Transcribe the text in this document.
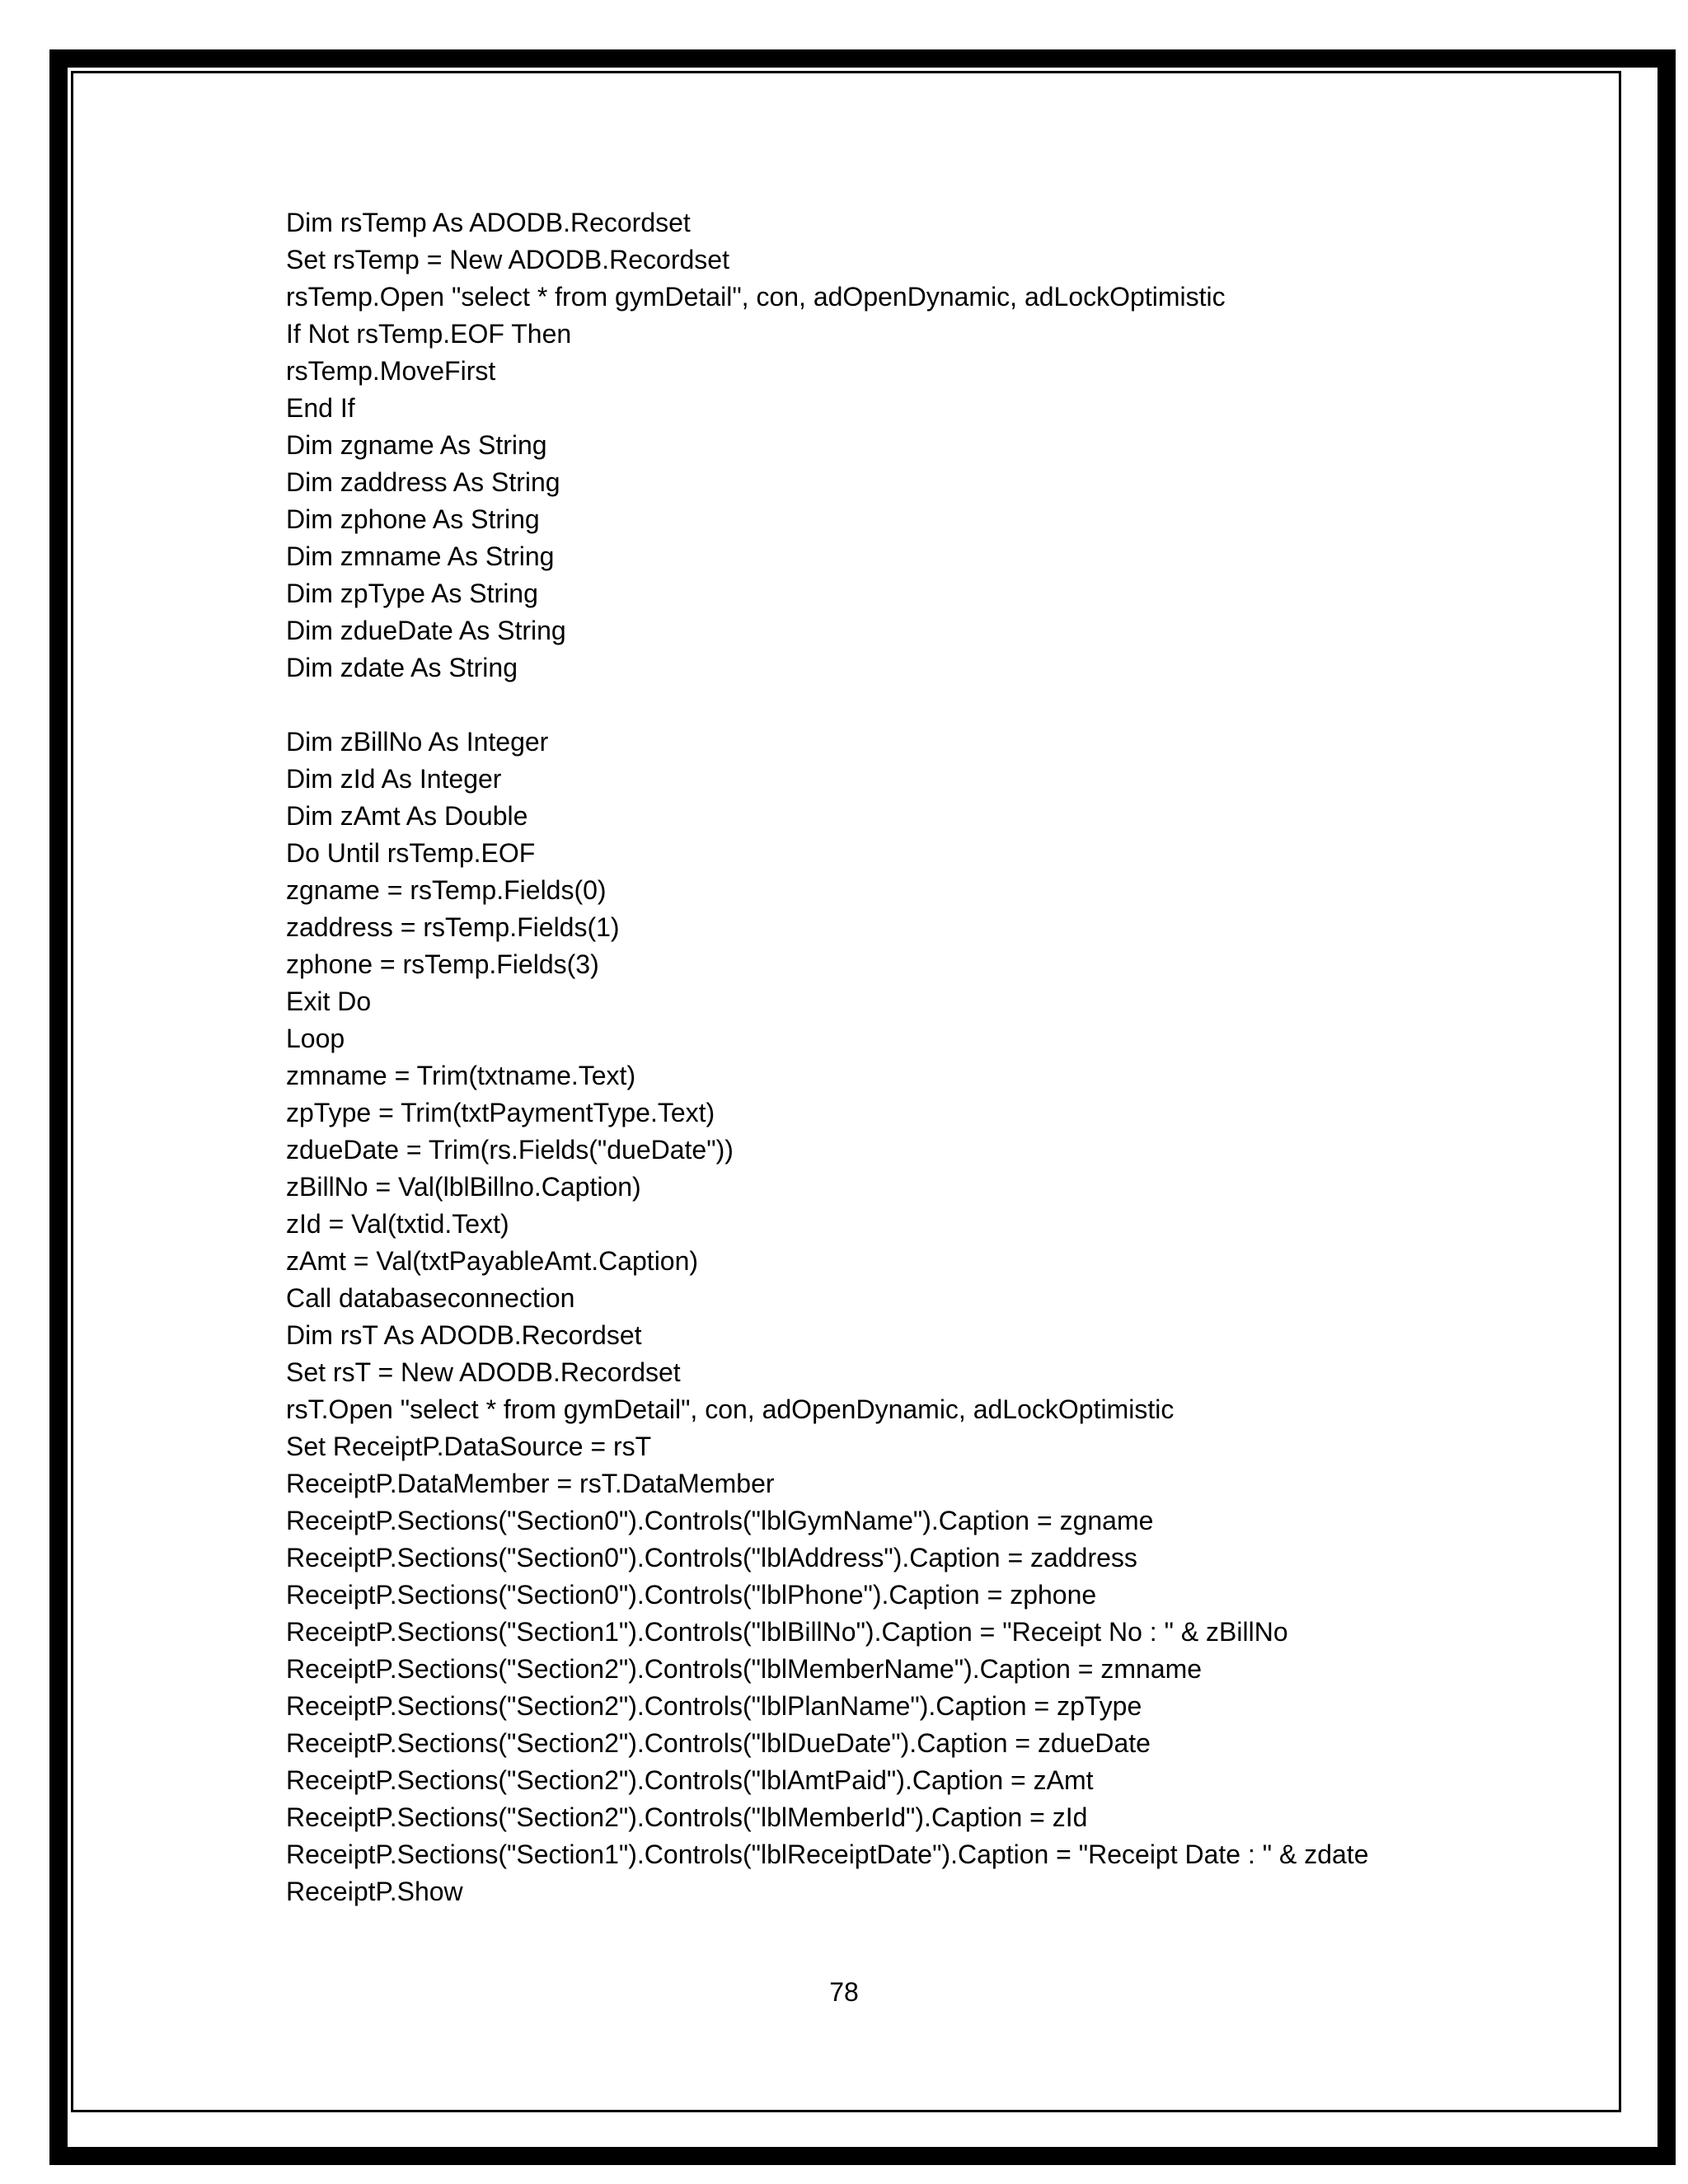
Dim rsTemp As ADODB.Recordset
Set rsTemp = New ADODB.Recordset
rsTemp.Open "select * from gymDetail", con, adOpenDynamic, adLockOptimistic
If Not rsTemp.EOF Then
rsTemp.MoveFirst
End If
Dim zgname As String
Dim zaddress As String
Dim zphone As String
Dim zmname As String
Dim zpType As String
Dim zdueDate As String
Dim zdate As String
Dim zBillNo As Integer
Dim zId As Integer
Dim zAmt As Double
Do Until rsTemp.EOF
zgname = rsTemp.Fields(0)
zaddress = rsTemp.Fields(1)
zphone = rsTemp.Fields(3)
Exit Do
Loop
zmname = Trim(txtname.Text)
zpType = Trim(txtPaymentType.Text)
zdueDate = Trim(rs.Fields("dueDate"))
zBillNo = Val(lblBillno.Caption)
zId = Val(txtid.Text)
zAmt = Val(txtPayableAmt.Caption)
Call databaseconnection
Dim rsT As ADODB.Recordset
Set rsT = New ADODB.Recordset
rsT.Open "select * from gymDetail", con, adOpenDynamic, adLockOptimistic
Set ReceiptP.DataSource = rsT
ReceiptP.DataMember = rsT.DataMember
ReceiptP.Sections("Section0").Controls("lblGymName").Caption = zgname
ReceiptP.Sections("Section0").Controls("lblAddress").Caption = zaddress
ReceiptP.Sections("Section0").Controls("lblPhone").Caption = zphone
ReceiptP.Sections("Section1").Controls("lblBillNo").Caption = "Receipt No : " & zBillNo
ReceiptP.Sections("Section2").Controls("lblMemberName").Caption = zmname
ReceiptP.Sections("Section2").Controls("lblPlanName").Caption = zpType
ReceiptP.Sections("Section2").Controls("lblDueDate").Caption = zdueDate
ReceiptP.Sections("Section2").Controls("lblAmtPaid").Caption = zAmt
ReceiptP.Sections("Section2").Controls("lblMemberId").Caption = zId
ReceiptP.Sections("Section1").Controls("lblReceiptDate").Caption = "Receipt Date : " & zdate
ReceiptP.Show
78
